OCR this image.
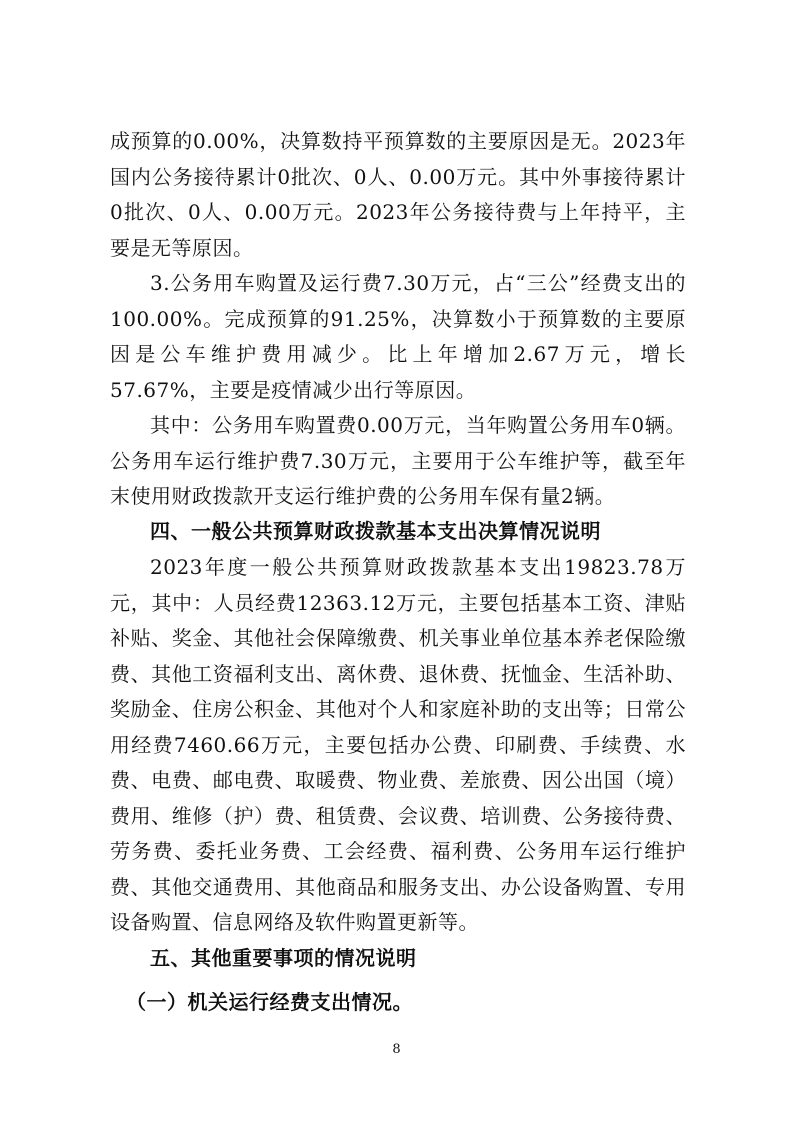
成预算的0.00%，决算数持平预算数的主要原因是无。2023年国内公务接待累计0批次、0人、0.00万元。其中外事接待累计0批次、0人、0.00万元。2023年公务接待费与上年持平，主要是无等原因。

3.公务用车购置及运行费7.30万元，占“三公”经费支出的100.00%。完成预算的91.25%，决算数小于预算数的主要原因是公车维护费用减少。比上年增加2.67万元，增长57.67%，主要是疫情减少出行等原因。

其中：公务用车购置费0.00万元，当年购置公务用车0辆。公务用车运行维护费7.30万元，主要用于公车维护等，截至年末使用财政拨款开支运行维护费的公务用车保有量2辆。

四、一般公共预算财政拨款基本支出决算情况说明

2023年度一般公共预算财政拨款基本支出19823.78万元，其中：人员经费12363.12万元，主要包括基本工资、津贴补贴、奖金、其他社会保障缴费、机关事业单位基本养老保险缴费、其他工资福利支出、离休费、退休费、抚恤金、生活补助、奖励金、住房公积金、其他对个人和家庭补助的支出等；日常公用经费7460.66万元，主要包括办公费、印刷费、手续费、水费、电费、邮电费、取暖费、物业费、差旅费、因公出国（境）费用、维修（护）费、租赁费、会议费、培训费、公务接待费、劳务费、委托业务费、工会经费、福利费、公务用车运行维护费、其他交通费用、其他商品和服务支出、办公设备购置、专用设备购置、信息网络及软件购置更新等。

五、其他重要事项的情况说明
（一）机关运行经费支出情况。
8
